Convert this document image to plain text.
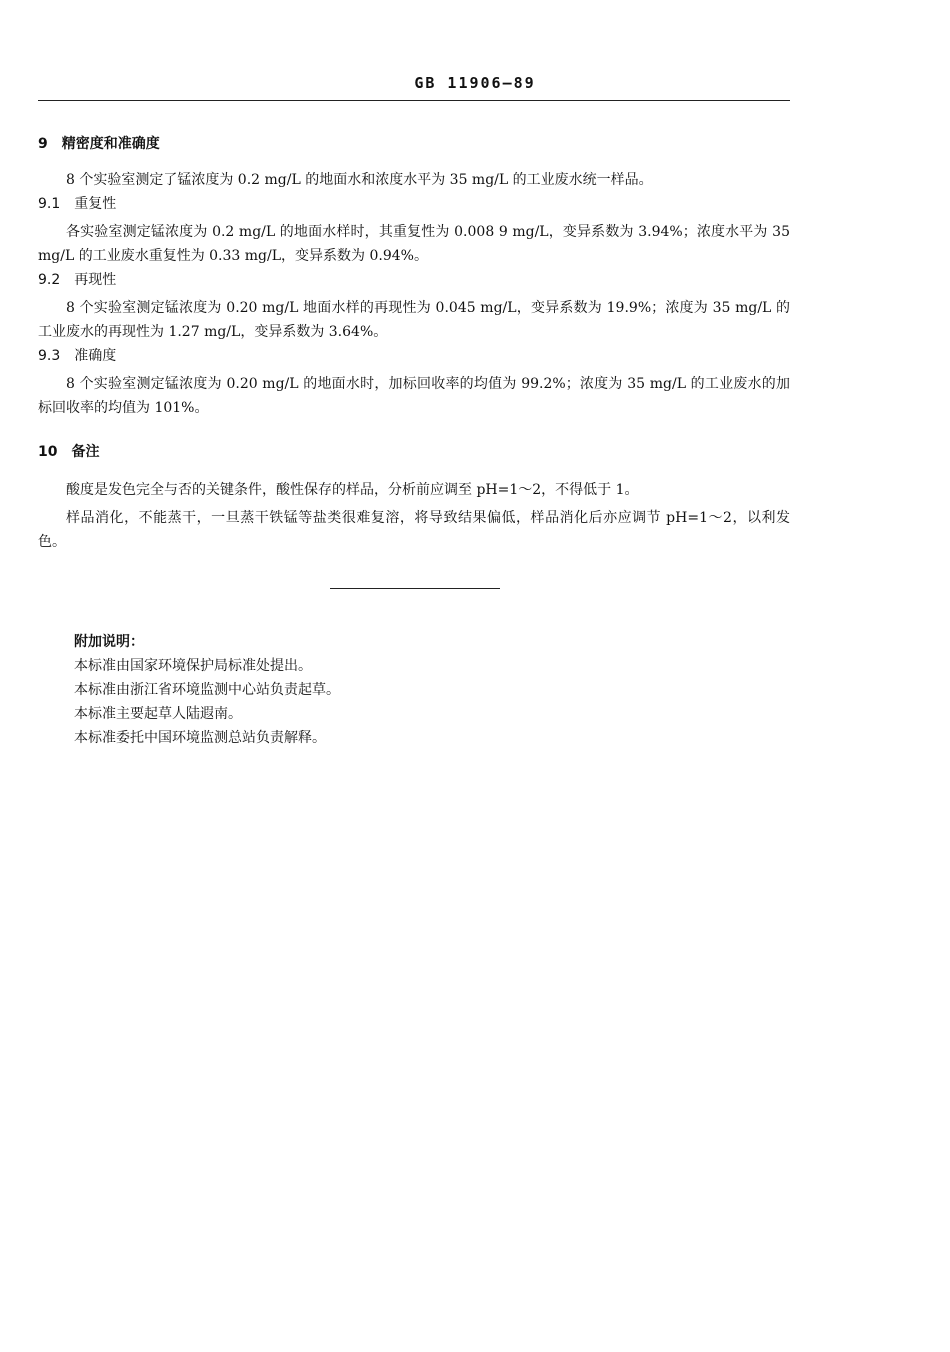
GB 11906—89
9 精密度和准确度
8 个实验室测定了锰浓度为 0.2 mg/L 的地面水和浓度水平为 35 mg/L 的工业废水统一样品。
9.1 重复性
各实验室测定锰浓度为 0.2 mg/L 的地面水样时，其重复性为 0.008 9 mg/L，变异系数为 3.94%；浓度水平为 35 mg/L 的工业废水重复性为 0.33 mg/L，变异系数为 0.94%。
9.2 再现性
8 个实验室测定锰浓度为 0.20 mg/L 地面水样的再现性为 0.045 mg/L，变异系数为 19.9%；浓度为 35 mg/L 的工业废水的再现性为 1.27 mg/L，变异系数为 3.64%。
9.3 准确度
8 个实验室测定锰浓度为 0.20 mg/L 的地面水时，加标回收率的均值为 99.2%；浓度为 35 mg/L 的工业废水的加标回收率的均值为 101%。
10 备注
酸度是发色完全与否的关键条件，酸性保存的样品，分析前应调至 pH=1～2，不得低于 1。
样品消化，不能蒸干，一旦蒸干铁锰等盐类很难复溶，将导致结果偏低，样品消化后亦应调节 pH=1～2，以利发色。
附加说明：
本标准由国家环境保护局标准处提出。
本标准由浙江省环境监测中心站负责起草。
本标准主要起草人陆遐南。
本标准委托中国环境监测总站负责解释。
